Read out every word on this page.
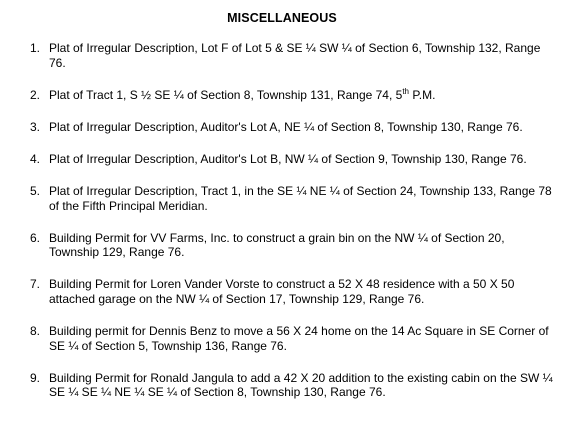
MISCELLANEOUS
1. Plat of Irregular Description, Lot F of Lot 5 & SE ¼ SW ¼ of Section 6, Township 132, Range 76.
2. Plat of Tract 1, S ½ SE ¼ of Section 8, Township 131, Range 74, 5th P.M.
3. Plat of Irregular Description, Auditor's Lot A, NE ¼ of Section 8, Township 130, Range 76.
4. Plat of Irregular Description, Auditor's Lot B, NW ¼ of Section 9, Township 130, Range 76.
5. Plat of Irregular Description, Tract 1, in the SE ¼ NE ¼ of Section 24, Township 133, Range 78 of the Fifth Principal Meridian.
6. Building Permit for VV Farms, Inc. to construct a grain bin on the NW ¼ of Section 20, Township 129, Range 76.
7. Building Permit for Loren Vander Vorste to construct a 52 X 48 residence with a 50 X 50 attached garage on the NW ¼ of Section 17, Township 129, Range 76.
8. Building permit for Dennis Benz to move a 56 X 24 home on the 14 Ac Square in SE Corner of SE ¼ of Section 5, Township 136, Range 76.
9. Building Permit for Ronald Jangula to add a 42 X 20 addition to the existing cabin on the SW ¼ SE ¼ SE ¼ NE ¼ SE ¼ of Section 8, Township 130, Range 76.
